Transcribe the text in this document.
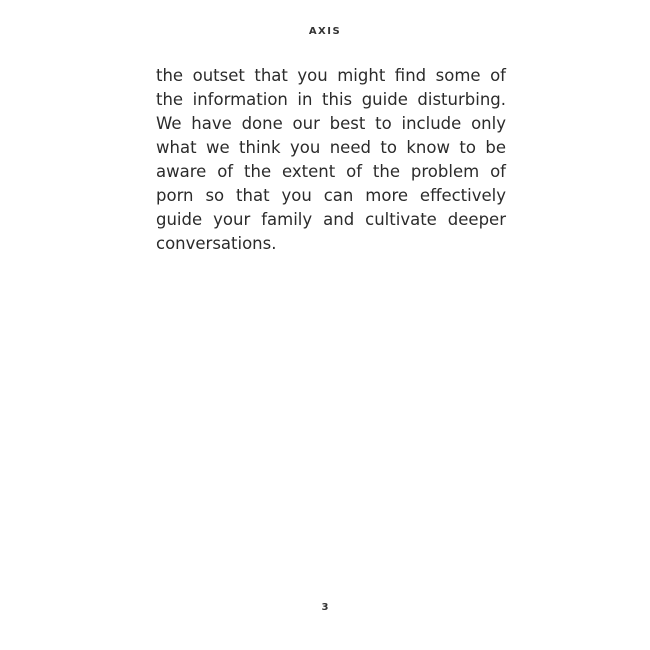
AXIS
the outset that you might find some of
the information in this guide disturbing.
We have done our best to include only
what we think you need to know to be
aware of the extent of the problem of
porn so that you can more effectively
guide your family and cultivate deeper
conversations.
3
